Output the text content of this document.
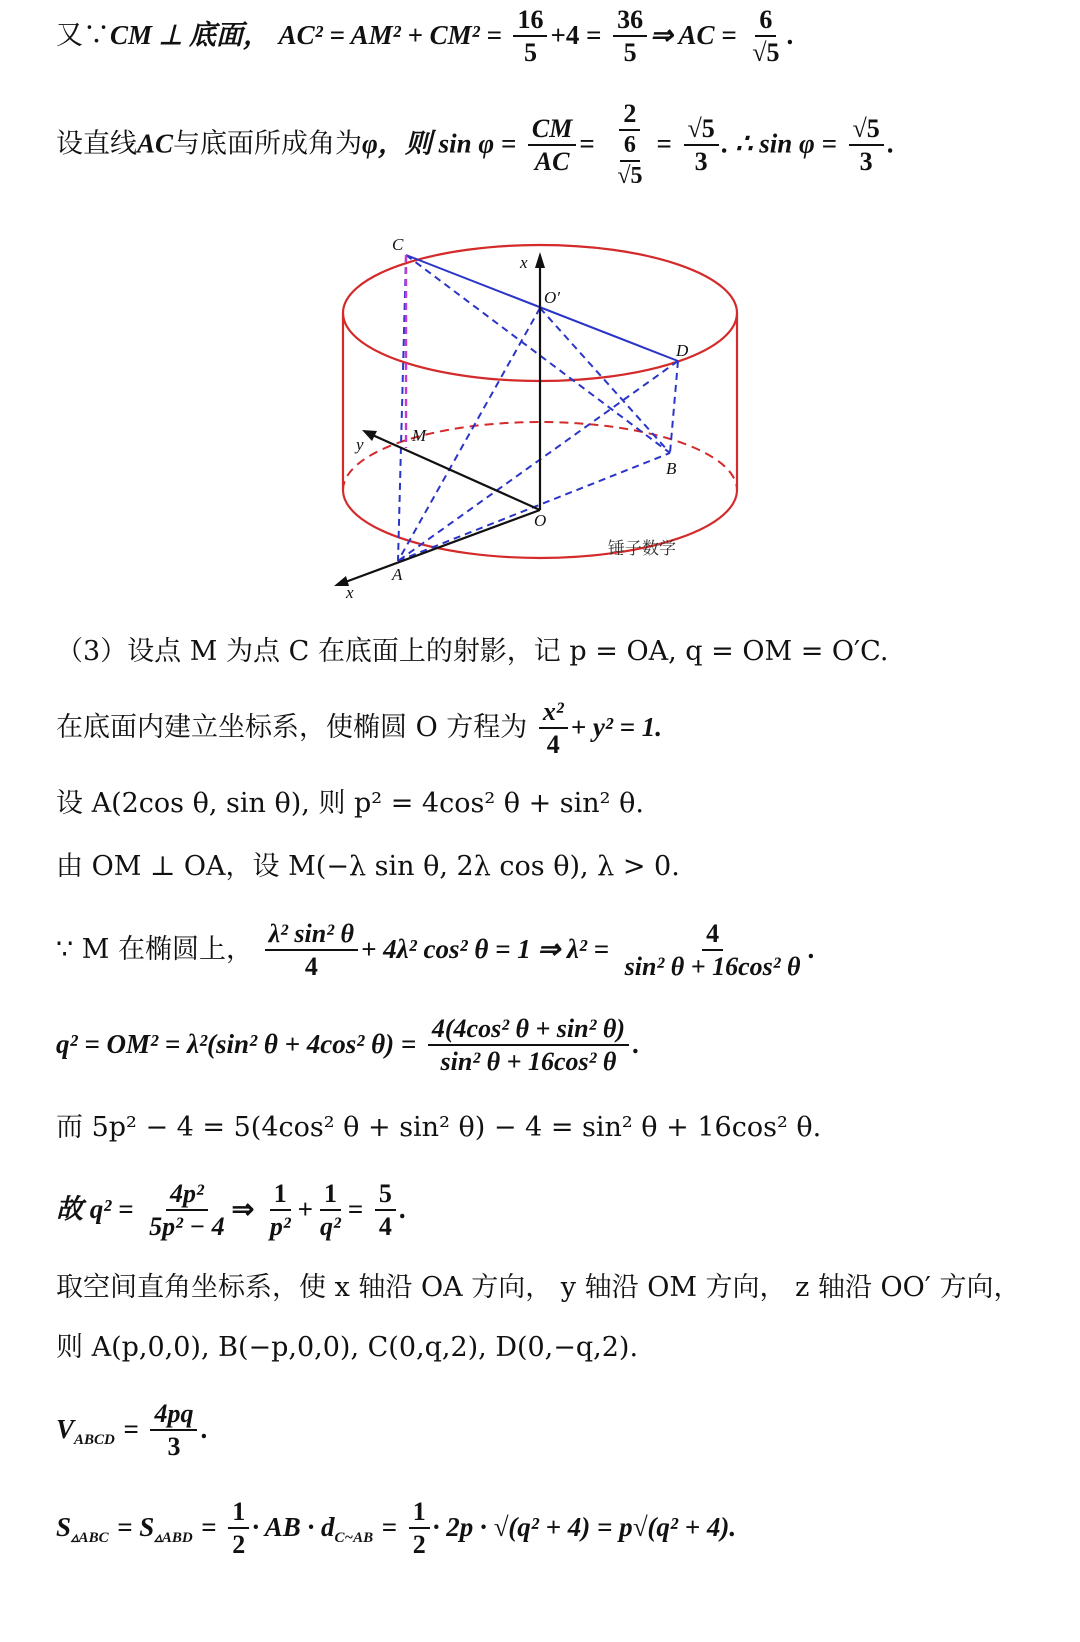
又∵CM ⊥ 底面， $AC^2 = AM^2 + CM^2 = \frac{16}{5} +4 = \frac{36}{5}$ ⇒ AC = $\frac{6}{√5}$ .
设直线AC与底面所成角为φ，则 $\sin \varphi = \frac{CM}{AC} = \frac{2}{\frac{6}{√5}} = \frac{√5}{3}$ . ∴ $\sin \varphi = \frac{√5}{3}$ .
C
D
O′
M
B
O
A
x
y
x
锤子数学
（3）设点 M 为点 C 在底面上的射影，记 p = OA, q = OM = O′C.
在底面内建立坐标系，使椭圆 O 方程为 $\frac{\text{x²}}{4} + y^2 = 1$.
设 A(2cos θ, sin θ), 则 p² = 4cos² θ + sin² θ.
由 OM ⊥ OA，设 M(−λ sin θ, 2λ cos θ), λ > 0.
∵ M 在椭圆上， $\frac{\text{λ² sin² θ}}{4} + 4\lambda^2$ cos² θ = 1 ⇒ $\lambda^2 = \frac{4}{\text{sin² θ + 16cos² θ}}$ .
q² = OM² = λ²(sin² θ + 4cos² $\theta) = \frac{\text{4(4cos² θ + sin² θ)}}{\text{sin² θ + 16cos² θ}}$ .
而 5p² − 4 = 5(4cos² θ + sin² θ) − 4 = sin² θ + 16cos² θ.
故 $q^2 = \frac{\text{4p²}}{\text{5p² − 4}}$ ⇒ $\frac{1}{\text{p²}} + \frac{1}{\text{q²}} = \frac{5}{4}$ .
取空间直角坐标系，使 x 轴沿 OA 方向， y 轴沿 OM 方向， z 轴沿 OO′ 方向，
则 A(p,0,0), B(−p,0,0), C(0,q,2), D(0,−q,2).
$V_{ABCD} = \frac{4pq}{3}$ .
$S_{▵ABC} = S_{▵ABD} = \frac{1}{2}$ · AB · $d_{C\sim AB} = \frac{1}{2} \cdot 2p \cdot √(q^2 + 4) = p√(q^2 + 4)$.
